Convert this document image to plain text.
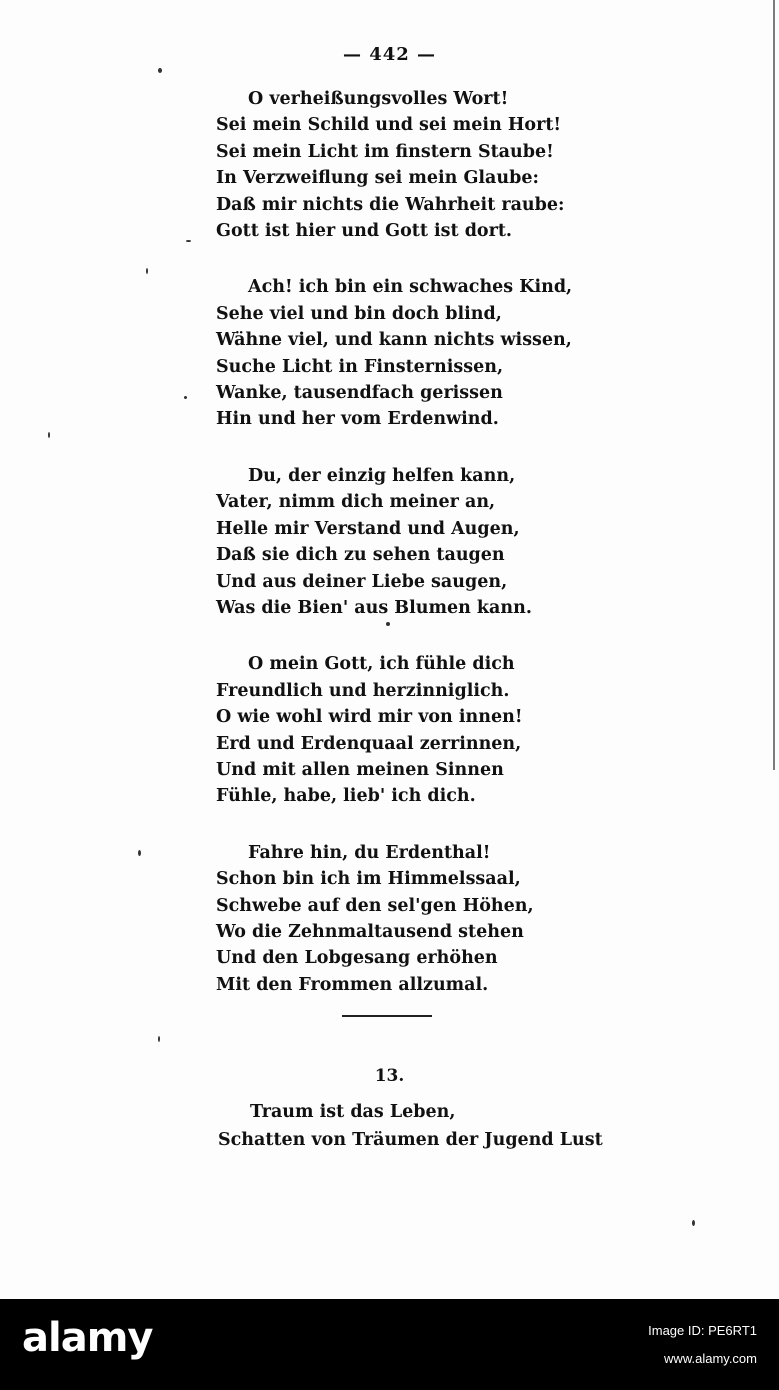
— 442 —
O verheißungsvolles Wort!
Sei mein Schild und sei mein Hort!
Sei mein Licht im finstern Staube!
In Verzweiflung sei mein Glaube:
Daß mir nichts die Wahrheit raube:
Gott ist hier und Gott ist dort.
Ach! ich bin ein schwaches Kind,
Sehe viel und bin doch blind,
Wähne viel, und kann nichts wissen,
Suche Licht in Finsternissen,
Wanke, tausendfach gerissen
Hin und her vom Erdenwind.
Du, der einzig helfen kann,
Vater, nimm dich meiner an,
Helle mir Verstand und Augen,
Daß sie dich zu sehen taugen
Und aus deiner Liebe saugen,
Was die Bien' aus Blumen kann.
O mein Gott, ich fühle dich
Freundlich und herzinniglich.
O wie wohl wird mir von innen!
Erd und Erdenquaal zerrinnen,
Und mit allen meinen Sinnen
Fühle, habe, lieb' ich dich.
Fahre hin, du Erdenthal!
Schon bin ich im Himmelssaal,
Schwebe auf den sel'gen Höhen,
Wo die Zehnmaltausend stehen
Und den Lobgesang erhöhen
Mit den Frommen allzumal.
13.
Traum ist das Leben,
Schatten von Träumen der Jugend Lust
alamy	Image ID: PE6RT1
www.alamy.com
